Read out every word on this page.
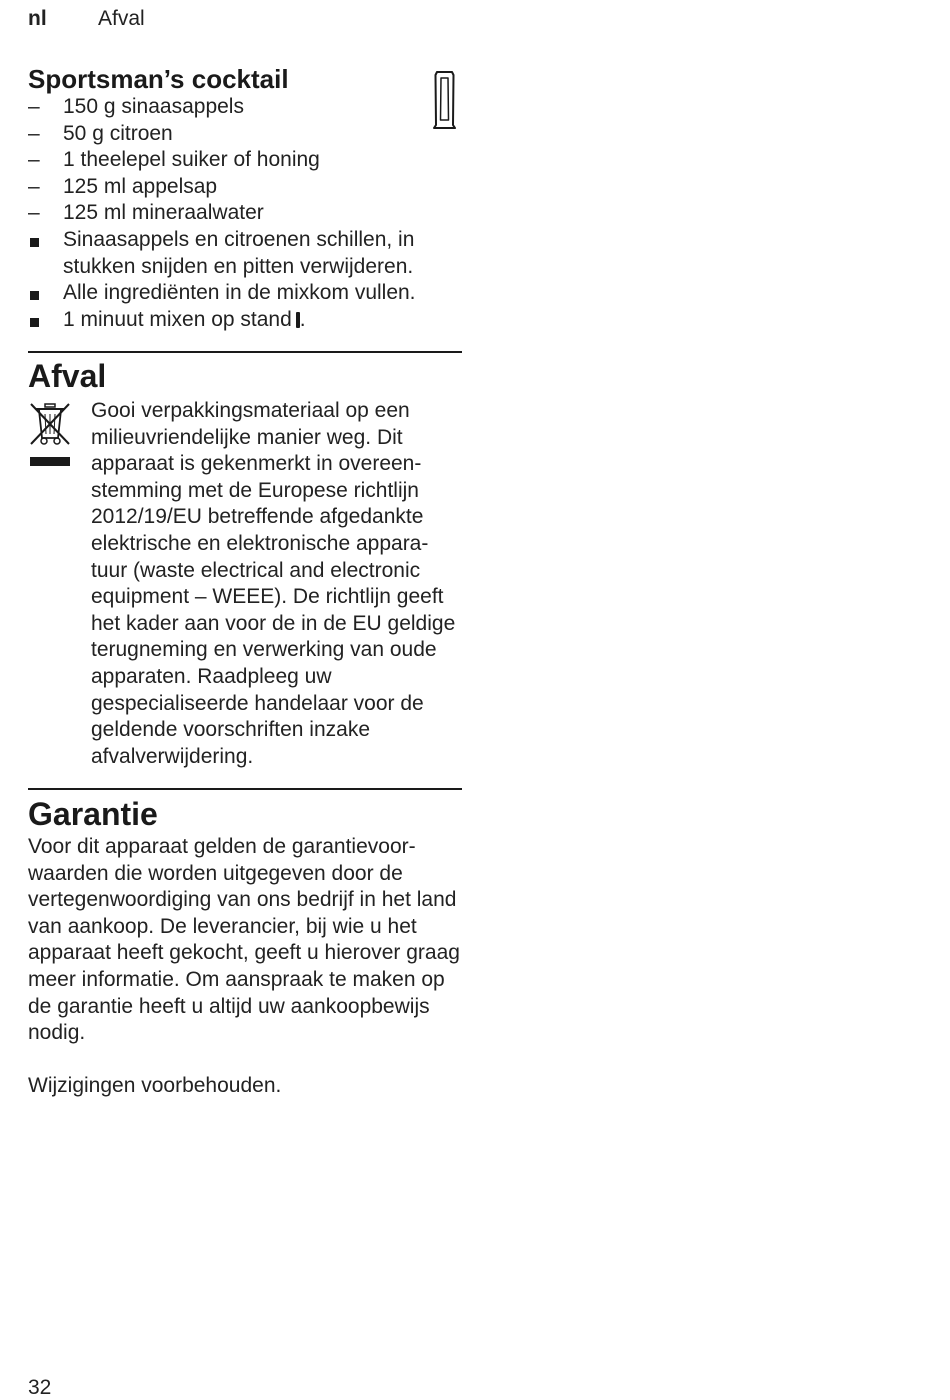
nl Afval
Sportsman’s cocktail
– 150 g sinaasappels
– 50 g citroen
– 1 theelepel suiker of honing
– 125 ml appelsap
– 125 ml mineraalwater
Sinaasappels en citroenen schillen, in stukken snijden en pitten verwijderen.
Alle ingrediënten in de mixkom vullen.
1 minuut mixen op stand .
Afval

Gooi verpakkingsmateriaal op een milieuvriendelijke manier weg. Dit apparaat is gekenmerkt in overeen-stemming met de Europese richtlijn 2012/19/EU betreffende afgedankte elektrische en elektronische appara-tuur (waste electrical and electronic equipment – WEEE). De richtlijn geeft het kader aan voor de in de EU geldige terugneming en verwerking van oude apparaten. Raadpleeg uw gespecialiseerde handelaar voor de geldende voorschriften inzake afvalverwijdering.

Garantie

Voor dit apparaat gelden de garantievoor-waarden die worden uitgegeven door de vertegenwoordiging van ons bedrijf in het land van aankoop. De leverancier, bij wie u het apparaat heeft gekocht, geeft u hierover graag meer informatie. Om aanspraak te maken op de garantie heeft u altijd uw aankoopbewijs nodig.

Wijzigingen voorbehouden.

32
